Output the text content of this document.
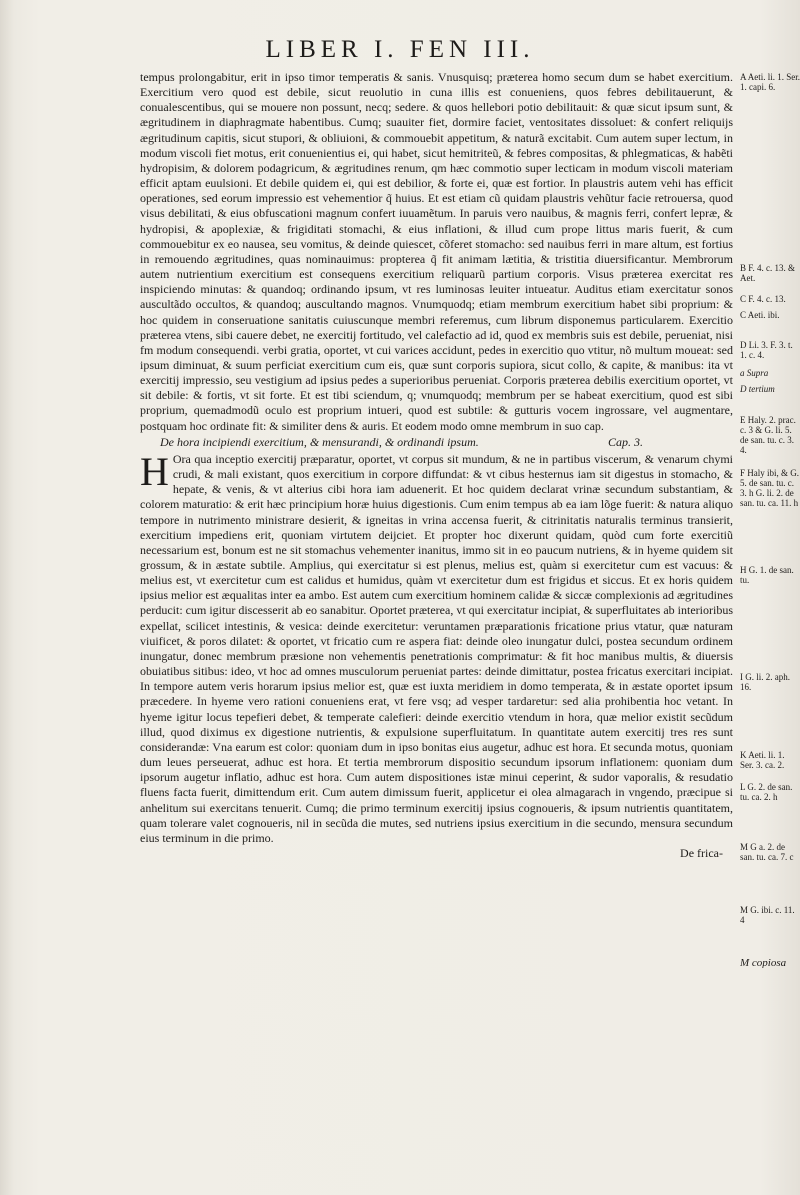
LIBER I. FEN III.

tempus prolongabitur, erit in ipso timor temperatis & sanis. Vnusquisq; præterea homo secum dum se habet exercitium. Exercitium vero quod est debile, sicut reuolutio in cuna illis est conueniens, quos febres debilitauerunt, & conualescentibus, qui se mouere non possunt, necq; sedere. & quos hellebori potio debilitauit: & quæ sicut ipsum sunt, & ægritudinem in diaphragmate habentibus. Cumq; suauiter fiet, dormire faciet, ventositates dissoluet: & confert reliquijs ægritudinum capitis, sicut stupori, & obliuioni, & commouebit appetitum, & naturã excitabit. Cum autem super lectum, in modum viscoli fiet motus, erit conuenientius ei, qui habet, sicut hemitriteũ, & febres compositas, & phlegmaticas, & habẽti hydropisim, & dolorem podagricum, & ægritudines renum, qm hæc commotio super lecticam in modum viscoli materiam efficit aptam euulsioni. Et debile quidem ei, qui est debilior, & forte ei, quæ est fortior. In plaustris autem vehi has efficit operationes, sed eorum impressio est vehementior q̃ huius. Et est etiam cũ quidam plaustris vehũtur facie retrouersa, quod visus debilitati, & eius obfuscationi magnum confert iuuamẽtum. In paruis vero nauibus, & magnis ferri, confert lepræ, & hydropisi, & apoplexiæ, & frigiditati stomachi, & eius inflationi, & illud cum prope littus maris fuerit, & cum commouebitur ex eo nausea, seu vomitus, & deinde quiescet, cõferet stomacho: sed nauibus ferri in mare altum, est fortius in remouendo ægritudines, quas nominauimus: propterea q̃ fit animam lætitia, & tristitia diuersificantur. Membrorum autem nutrientium exercitium est consequens exercitium reliquarũ partium corporis. Visus præterea exercitat res inspiciendo minutas: & quandoq; ordinando ipsum, vt res luminosas leuiter intueatur. Auditus etiam exercitatur sonos auscultãdo occultos, & quandoq; auscultando magnos. Vnumquodq; etiam membrum exercitium habet sibi proprium: & hoc quidem in conseruatione sanitatis cuiuscunque membri referemus, cum librum disponemus particularem. Exercitio præterea vtens, sibi cauere debet, ne exercitij fortitudo, vel calefactio ad id, quod ex membris suis est debile, perueniat, nisi fm modum consequendi. verbi gratia, oportet, vt cui varices accidunt, pedes in exercitio quo vtitur, nõ multum moueat: sed ipsum diminuat, & suum perficiat exercitium cum eis, quæ sunt corporis supiora, sicut collo, & capite, & manibus: ita vt exercitij impressio, seu vestigium ad ipsius pedes a superioribus perueniat. Corporis præterea debilis exercitium oportet, vt sit debile: & fortis, vt sit forte. Et est tibi sciendum, q; vnumquodq; membrum per se habeat exercitium, quod est sibi proprium, quemadmodũ oculo est proprium intueri, quod est subtile: & gutturis vocem ingrossare, vel augmentare, postquam hoc ordinate fit: & similiter dens & auris. Et eodem modo omne membrum in suo cap.

De hora incipiendi exercitium, & mensurandi, & ordinandi ipsum.	Cap. 3.

H Ora qua inceptio exercitij præparatur, oportet, vt corpus sit mundum, & ne in partibus viscerum, & venarum chymi crudi, & mali existant, quos exercitium in corpore diffundat: & vt cibus hesternus iam sit digestus in stomacho, & hepate, & venis, & vt alterius cibi hora iam aduenerit. Et hoc quidem declarat vrinæ secundum substantiam, & colorem maturatio: & erit hæc principium horæ huius digestionis. Cum enim tempus ab ea iam lõge fuerit: & natura aliquo tempore in nutrimento ministrare desierit, & igneitas in vrina accensa fuerit, & citrinitatis naturalis terminus transierit, exercitium impediens erit, quoniam virtutem deijciet. Et propter hoc dixerunt quidam, quòd cum forte exercitiũ necessarium est, bonum est ne sit stomachus vehementer inanitus, immo sit in eo paucum nutriens, & in hyeme quidem sit grossum, & in æstate subtile. Amplius, qui exercitatur si est plenus, melius est, quàm si exercitetur cum est vacuus: & melius est, vt exercitetur cum est calidus et humidus, quàm vt exercitetur dum est frigidus et siccus. Et ex horis quidem ipsius melior est æqualitas inter ea ambo. Est autem cum exercitium hominem calidæ & siccæ complexionis ad ægritudines perducit: cum igitur discesserit ab eo sanabitur. Oportet præterea, vt qui exercitatur incipiat, & superfluitates ab interioribus expellat, scilicet intestinis, & vesica: deinde exercitetur: veruntamen præparationis fricatione prius vtatur, quæ naturam viuificet, & poros dilatet: & oportet, vt fricatio cum re aspera fiat: deinde oleo inungatur dulci, postea secundum ordinem inungatur, donec membrum præsione non vehementis penetrationis comprimatur: & fit hoc manibus multis, & diuersis obuiatibus sitibus: ideo, vt hoc ad omnes musculorum perueniat partes: deinde dimittatur, postea fricatus exercitari incipiat. In tempore autem veris horarum ipsius melior est, quæ est iuxta meridiem in domo temperata, & in æstate oportet ipsum præcedere. In hyeme vero rationi conueniens erat, vt fere vsq; ad vesper tardaretur: sed alia prohibentia hoc vetant. In hyeme igitur locus tepefieri debet, & temperate calefieri: deinde exercitio vtendum in hora, quæ melior existit secũdum illud, quod diximus ex digestione nutrientis, & expulsione superfluitatum. In quantitate autem exercitij tres res sunt considerandæ: Vna earum est color: quoniam dum in ipso bonitas eius augetur, adhuc est hora. Et secunda motus, quoniam dum leues perseuerat, adhuc est hora. Et tertia membrorum dispositio secundum ipsorum inflationem: quoniam dum ipsorum augetur inflatio, adhuc est hora. Cum autem dispositiones istæ minui ceperint, & sudor vaporalis, & resudatio fluens facta fuerit, dimittendum erit. Cum autem dimissum fuerit, applicetur ei olea almagarach in vngendo, præcipue si anhelitum sui exercitans tenuerit. Cumq; die primo terminum exercitij ipsius cognoueris, & ipsum nutrientis quantitatem, quam tolerare valet cognoueris, nil in secũda die mutes, sed nutriens ipsius exercitium in die secundo, mensura secundum eius terminum in die primo.

De frica-
A Aeti. li. 1. Ser. 1. capi. 6.
B F. 4. c. 13. & Aet.
C F. 4. c. 13.
C Aeti. ibi.
D Li. 3. F. 3. t. 1. c. 4.
a Supra
D tertium
E Haly. 2. prac. c. 3 & G. li. 5. de san. tu. c. 3. 4.
F Haly ibi, & G. 5. de san. tu. c. 3. h G. li. 2. de san. tu. ca. 11. h
H G. 1. de san. tu.
I G. li. 2. aph. 16.
K Aeti. li. 1. Ser. 3. ca. 2.
L G. 2. de san. tu. ca. 2. h
M G a. 2. de san. tu. ca. 7. c
M G. ibi. c. 11. 4
M copiosa
